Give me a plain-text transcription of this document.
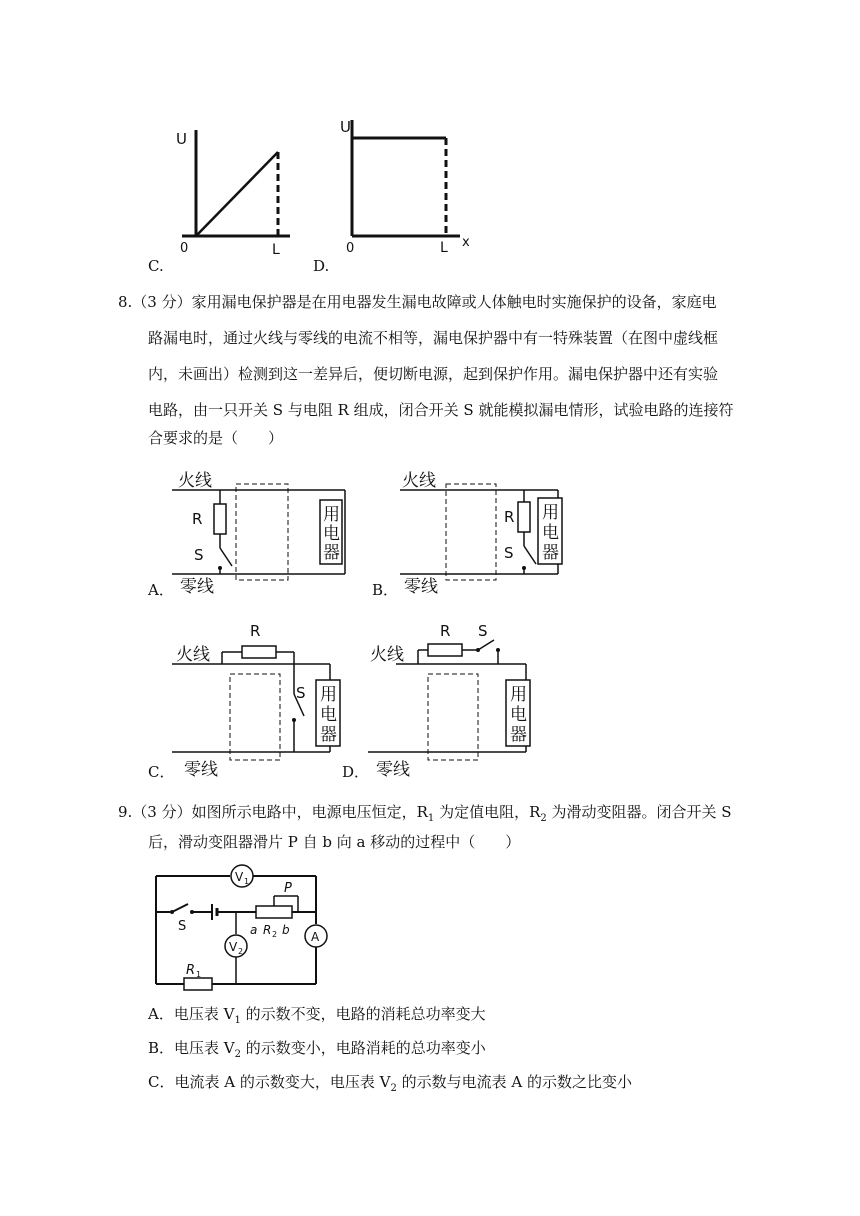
U
0	L
C.
U
0	L x
D.
8.（3 分）家用漏电保护器是在用电器发生漏电故障或人体触电时实施保护的设备，家庭电
路漏电时，通过火线与零线的电流不相等，漏电保护器中有一特殊装置（在图中虚线框
内，未画出）检测到这一差异后，便切断电源，起到保护作用。漏电保护器中还有实验
电路，由一只开关 S 与电阻 R 组成，闭合开关 S 就能模拟漏电情形，试验电路的连接符
合要求的是（　　）
火线
R
S
用
电
器
零线
A．
火线
R
S
用
电
器
零线
B．
R
火线
S 用
电
器
C． 零线
R S
火线
用
电
器
D． 零线
9.（3 分）如图所示电路中，电源电压恒定，$R_1$ 为定值电阻，$R_2$ 为滑动变阻器。闭合开关 S
后，滑动变阻器滑片 P 自 b 向 a 移动的过程中（　　）
V 1
S
P
a R 2 b A
V 2
R 1
A．电压表 $V_1$ 的示数不变，电路的消耗总功率变大
B．电压表 $V_2$ 的示数变小，电路消耗的总功率变小
C．电流表 A 的示数变大，电压表 $V_2$ 的示数与电流表 A 的示数之比变小
